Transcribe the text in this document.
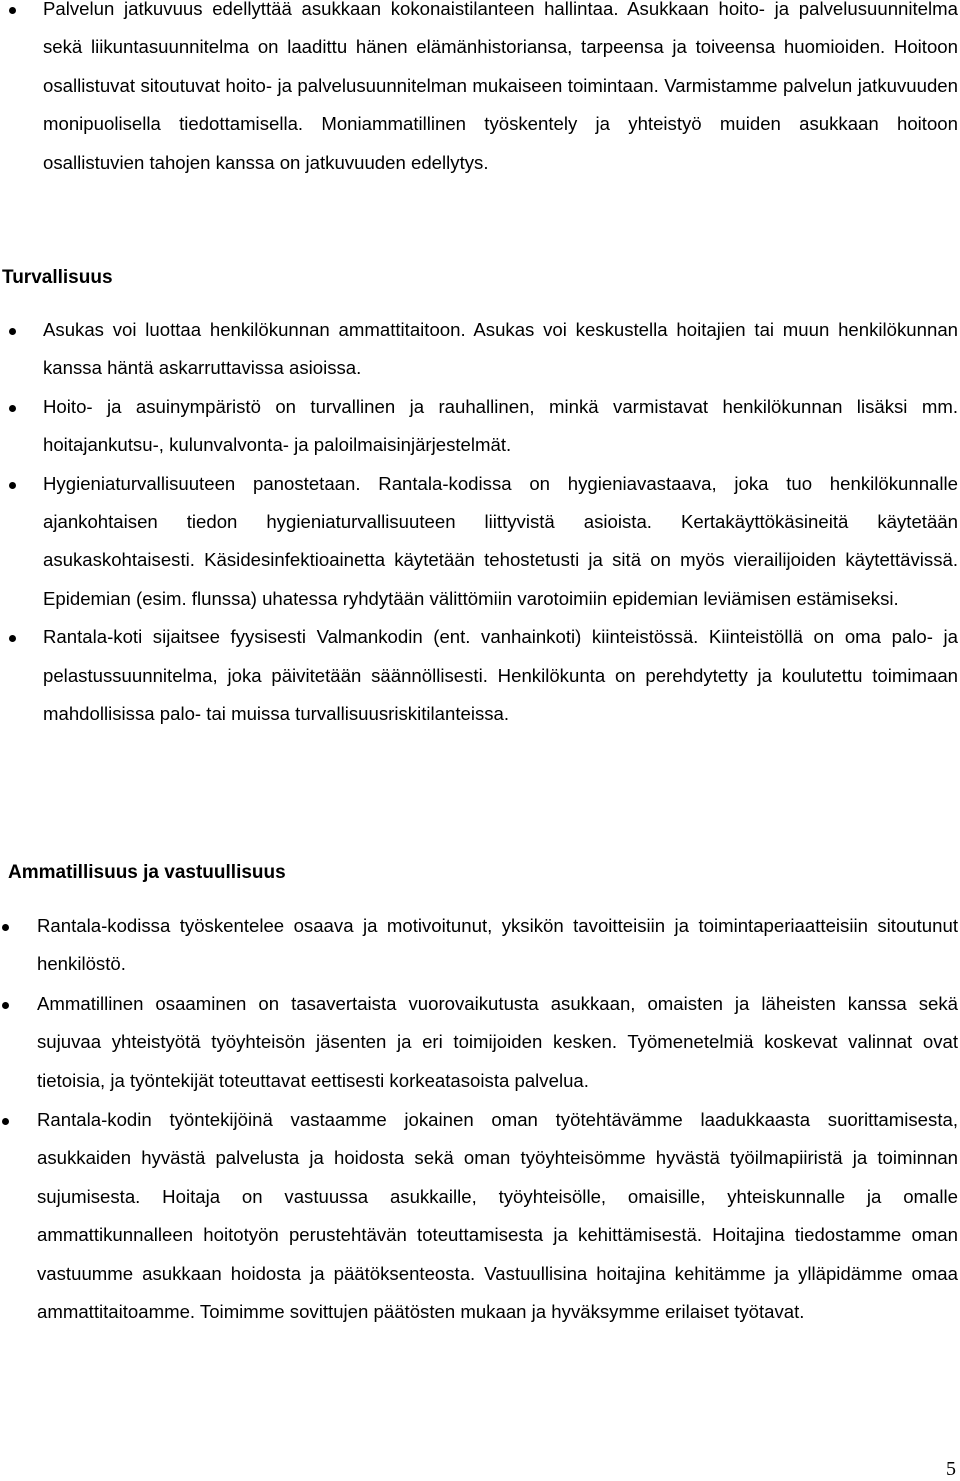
Palvelun jatkuvuus edellyttää asukkaan kokonaistilanteen hallintaa. Asukkaan hoito- ja palvelusuunnitelma sekä liikuntasuunnitelma on laadittu hänen elämänhistoriansa, tarpeensa ja toiveensa huomioiden. Hoitoon osallistuvat sitoutuvat hoito- ja palvelusuunnitelman mukaiseen toimintaan. Varmistamme palvelun jatkuvuuden monipuolisella tiedottamisella. Moniammatillinen työskentely ja yhteistyö muiden asukkaan hoitoon osallistuvien tahojen kanssa on jatkuvuuden edellytys.

Turvallisuus

Asukas voi luottaa henkilökunnan ammattitaitoon. Asukas voi keskustella hoitajien tai muun henkilökunnan kanssa häntä askarruttavissa asioissa.

Hoito- ja asuinympäristö on turvallinen ja rauhallinen, minkä varmistavat henkilökunnan lisäksi mm. hoitajankutsu-, kulunvalvonta- ja paloilmaisinjärjestelmät.

Hygieniaturvallisuuteen panostetaan. Rantala-kodissa on hygieniavastaava, joka tuo henkilökunnalle ajankohtaisen tiedon hygieniaturvallisuuteen liittyvistä asioista. Kertakäyttökäsineitä käytetään asukaskohtaisesti. Käsidesinfektioainetta käytetään tehostetusti ja sitä on myös vierailijoiden käytettävissä. Epidemian (esim. flunssa) uhatessa ryhdytään välittömiin varotoimiin epidemian leviämisen estämiseksi.

Rantala-koti sijaitsee fyysisesti Valmankodin (ent. vanhainkoti) kiinteistössä. Kiinteistöllä on oma palo- ja pelastussuunnitelma, joka päivitetään säännöllisesti. Henkilökunta on perehdytetty ja koulutettu toimimaan mahdollisissa palo- tai muissa turvallisuusriskitilanteissa.

Ammatillisuus ja vastuullisuus

Rantala-kodissa työskentelee osaava ja motivoitunut, yksikön tavoitteisiin ja toimintaperiaatteisiin sitoutunut henkilöstö.

Ammatillinen osaaminen on tasavertaista vuorovaikutusta asukkaan, omaisten ja läheisten kanssa sekä sujuvaa yhteistyötä työyhteisön jäsenten ja eri toimijoiden kesken. Työmenetelmiä koskevat valinnat ovat tietoisia, ja työntekijät toteuttavat eettisesti korkeatasoista palvelua.

Rantala-kodin työntekijöinä vastaamme jokainen oman työtehtävämme laadukkaasta suorittamisesta, asukkaiden hyvästä palvelusta ja hoidosta sekä oman työyhteisömme hyvästä työilmapiiristä ja toiminnan sujumisesta. Hoitaja on vastuussa asukkaille, työyhteisölle, omaisille, yhteiskunnalle ja omalle ammattikunnalleen hoitotyön perustehtävän toteuttamisesta ja kehittämisestä. Hoitajina tiedostamme oman vastuumme asukkaan hoidosta ja päätöksenteosta. Vastuullisina hoitajina kehitämme ja ylläpidämme omaa ammattitaitoamme. Toimimme sovittujen päätösten mukaan ja hyväksymme erilaiset työtavat.

5
